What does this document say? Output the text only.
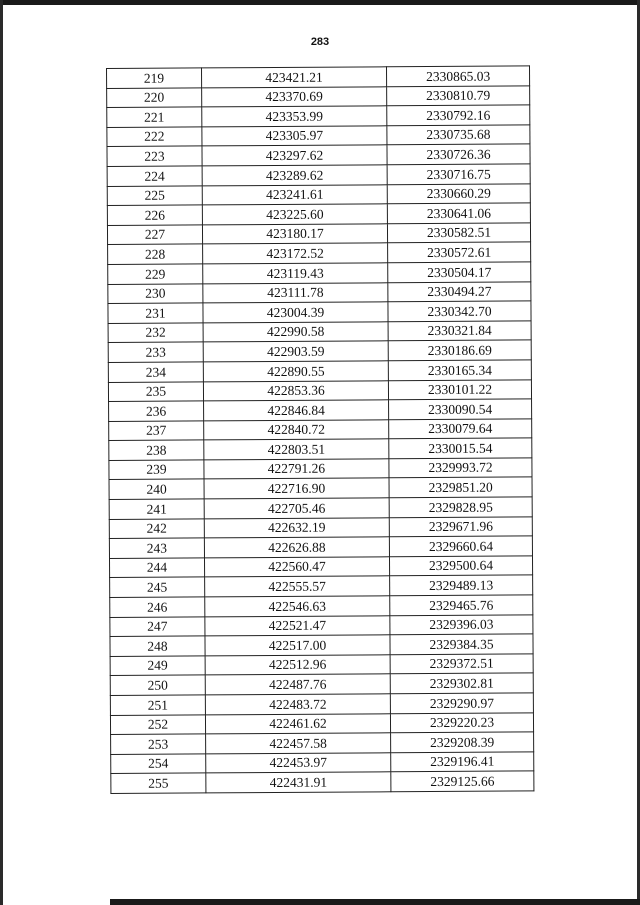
283
219	423421.21	2330865.03
220	423370.69	2330810.79
221	423353.99	2330792.16
222	423305.97	2330735.68
223	423297.62	2330726.36
224	423289.62	2330716.75
225	423241.61	2330660.29
226	423225.60	2330641.06
227	423180.17	2330582.51
228	423172.52	2330572.61
229	423119.43	2330504.17
230	423111.78	2330494.27
231	423004.39	2330342.70
232	422990.58	2330321.84
233	422903.59	2330186.69
234	422890.55	2330165.34
235	422853.36	2330101.22
236	422846.84	2330090.54
237	422840.72	2330079.64
238	422803.51	2330015.54
239	422791.26	2329993.72
240	422716.90	2329851.20
241	422705.46	2329828.95
242	422632.19	2329671.96
243	422626.88	2329660.64
244	422560.47	2329500.64
245	422555.57	2329489.13
246	422546.63	2329465.76
247	422521.47	2329396.03
248	422517.00	2329384.35
249	422512.96	2329372.51
250	422487.76	2329302.81
251	422483.72	2329290.97
252	422461.62	2329220.23
253	422457.58	2329208.39
254	422453.97	2329196.41
255	422431.91	2329125.66
